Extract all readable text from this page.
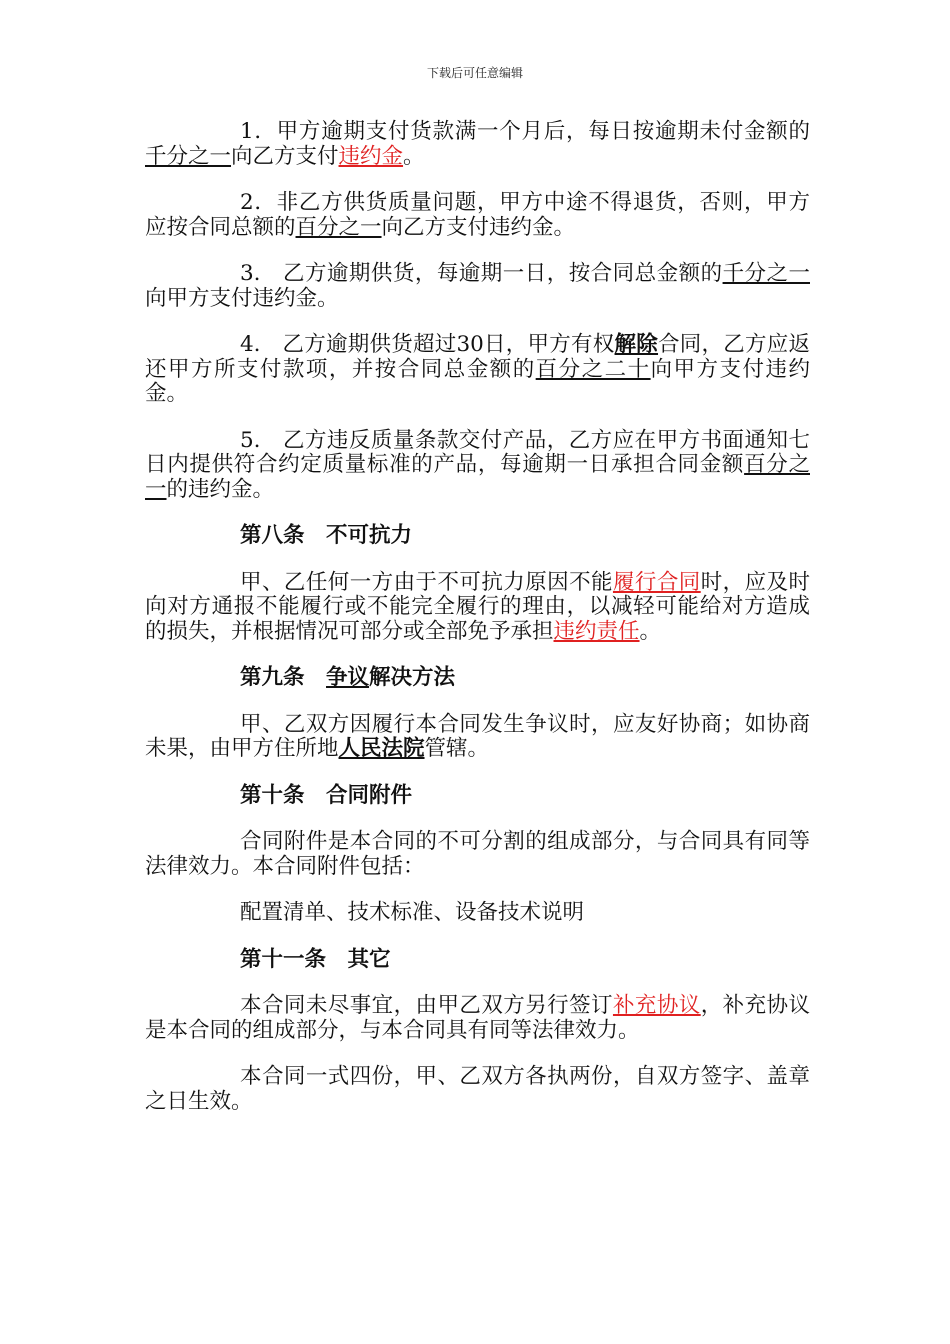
下载后可任意编辑

1．甲方逾期支付货款满一个月后，每日按逾期未付金额的千分之一向乙方支付违约金。

2．非乙方供货质量问题，甲方中途不得退货，否则，甲方应按合同总额的百分之一向乙方支付违约金。

3.　乙方逾期供货，每逾期一日，按合同总金额的千分之一向甲方支付违约金。

4.　乙方逾期供货超过30日，甲方有权解除合同，乙方应返还甲方所支付款项，并按合同总金额的百分之二十向甲方支付违约金。

5.　乙方违反质量条款交付产品，乙方应在甲方书面通知七日内提供符合约定质量标准的产品，每逾期一日承担合同金额百分之一的违约金。

第八条　不可抗力

甲、乙任何一方由于不可抗力原因不能履行合同时，应及时向对方通报不能履行或不能完全履行的理由，以减轻可能给对方造成的损失，并根据情况可部分或全部免予承担违约责任。

第九条　争议解决方法

甲、乙双方因履行本合同发生争议时，应友好协商；如协商未果，由甲方住所地人民法院管辖。

第十条　合同附件

合同附件是本合同的不可分割的组成部分，与合同具有同等法律效力。本合同附件包括：

配置清单、技术标准、设备技术说明

第十一条　其它

本合同未尽事宜，由甲乙双方另行签订补充协议，补充协议是本合同的组成部分，与本合同具有同等法律效力。

本合同一式四份，甲、乙双方各执两份，自双方签字、盖章之日生效。
